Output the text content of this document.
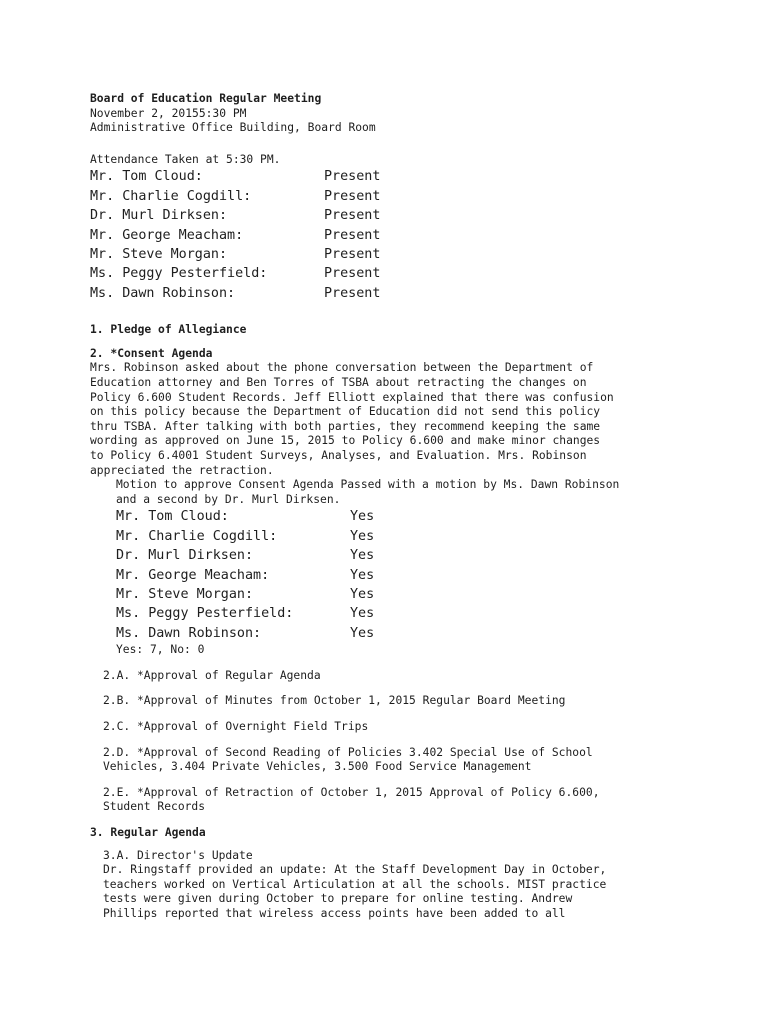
Board of Education Regular Meeting
November 2, 20155:30 PM
Administrative Office Building, Board Room
Attendance Taken at 5:30 PM.
Mr. Tom Cloud:	Present
Mr. Charlie Cogdill:	Present
Dr. Murl Dirksen:	Present
Mr. George Meacham:	Present
Mr. Steve Morgan:	Present
Ms. Peggy Pesterfield:	Present
Ms. Dawn Robinson:	Present
1. Pledge of Allegiance
2. *Consent Agenda
Mrs. Robinson asked about the phone conversation between the Department of
Education attorney and Ben Torres of TSBA about retracting the changes on
Policy 6.600 Student Records. Jeff Elliott explained that there was confusion
on this policy because the Department of Education did not send this policy
thru TSBA. After talking with both parties, they recommend keeping the same
wording as approved on June 15, 2015 to Policy 6.600 and make minor changes
to Policy 6.4001 Student Surveys, Analyses, and Evaluation. Mrs. Robinson
appreciated the retraction.
Motion to approve Consent Agenda Passed with a motion by Ms. Dawn Robinson
and a second by Dr. Murl Dirksen.
Mr. Tom Cloud:	Yes
Mr. Charlie Cogdill:	Yes
Dr. Murl Dirksen:	Yes
Mr. George Meacham:	Yes
Mr. Steve Morgan:	Yes
Ms. Peggy Pesterfield:	Yes
Ms. Dawn Robinson:	Yes
Yes: 7, No: 0
2.A. *Approval of Regular Agenda
2.B. *Approval of Minutes from October 1, 2015 Regular Board Meeting
2.C. *Approval of Overnight Field Trips
2.D. *Approval of Second Reading of Policies 3.402 Special Use of School
Vehicles, 3.404 Private Vehicles, 3.500 Food Service Management
2.E. *Approval of Retraction of October 1, 2015 Approval of Policy 6.600,
Student Records
3. Regular Agenda
3.A. Director's Update
Dr. Ringstaff provided an update: At the Staff Development Day in October,
teachers worked on Vertical Articulation at all the schools. MIST practice
tests were given during October to prepare for online testing. Andrew
Phillips reported that wireless access points have been added to all
